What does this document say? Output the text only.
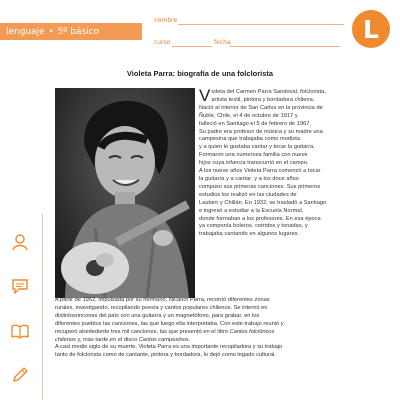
lenguaje • 5º básico
nombre
curso	fecha	L
Violeta Parra: biografía de una folclorista
V ioleta del Carmen Parra Sandoval, folclorista,

artista textil, pintora y bordadora chilena.

Nació al interior de San Carlos en la provincia de

Ñuble, Chile, el 4 de octubre de 1917 y

falleció en Santiago el 5 de febrero de 1967.

Su padre era profesor de música y su madre una

campesina que trabajaba como modista

y a quien le gustaba cantar y tocar la guitarra.

Formaron una numerosa familia con nueve

hijos cuya infancia transcurrió en el campo.

A los nueve años Violeta Parra comenzó a tocar

la guitarra y a cantar; y a los doce años

compuso sus primeras canciones. Sus primeros

estudios los realizó en las ciudades de

Lautaro y Chillán. En 1932, se trasladó a Santiago

e ingresó a estudiar a la Escuela Normal,

donde formaban a los profesores. En esa época

ya componía boleros, corridos y tonadas, y

trabajaba cantando en algunos lugares.

A partir de 1952, impulsada por su hermano, Nicanor Parra, recorrió diferentes zonas
rurales, investigando, recopilando poesía y cantos populares chilenos. Se internó en
distintosrincones del país con una guitarra y un magnetófono, para grabar, en los
diferentes pueblos las canciones, las que luego ella interpretaba. Con este trabajo reunió y
recuperó alrededorde tres mil canciones, las que presentó en el libro Cantos folclóricos
chilenos y, más tarde,en el disco Cantos campesinos.
A casi medio siglo de su muerte, Violeta Parra es una importante recopiladora y su trabajo
tanto de folclorista como de cantante, pintora y bordadora, lo dejó como legado cultural.
